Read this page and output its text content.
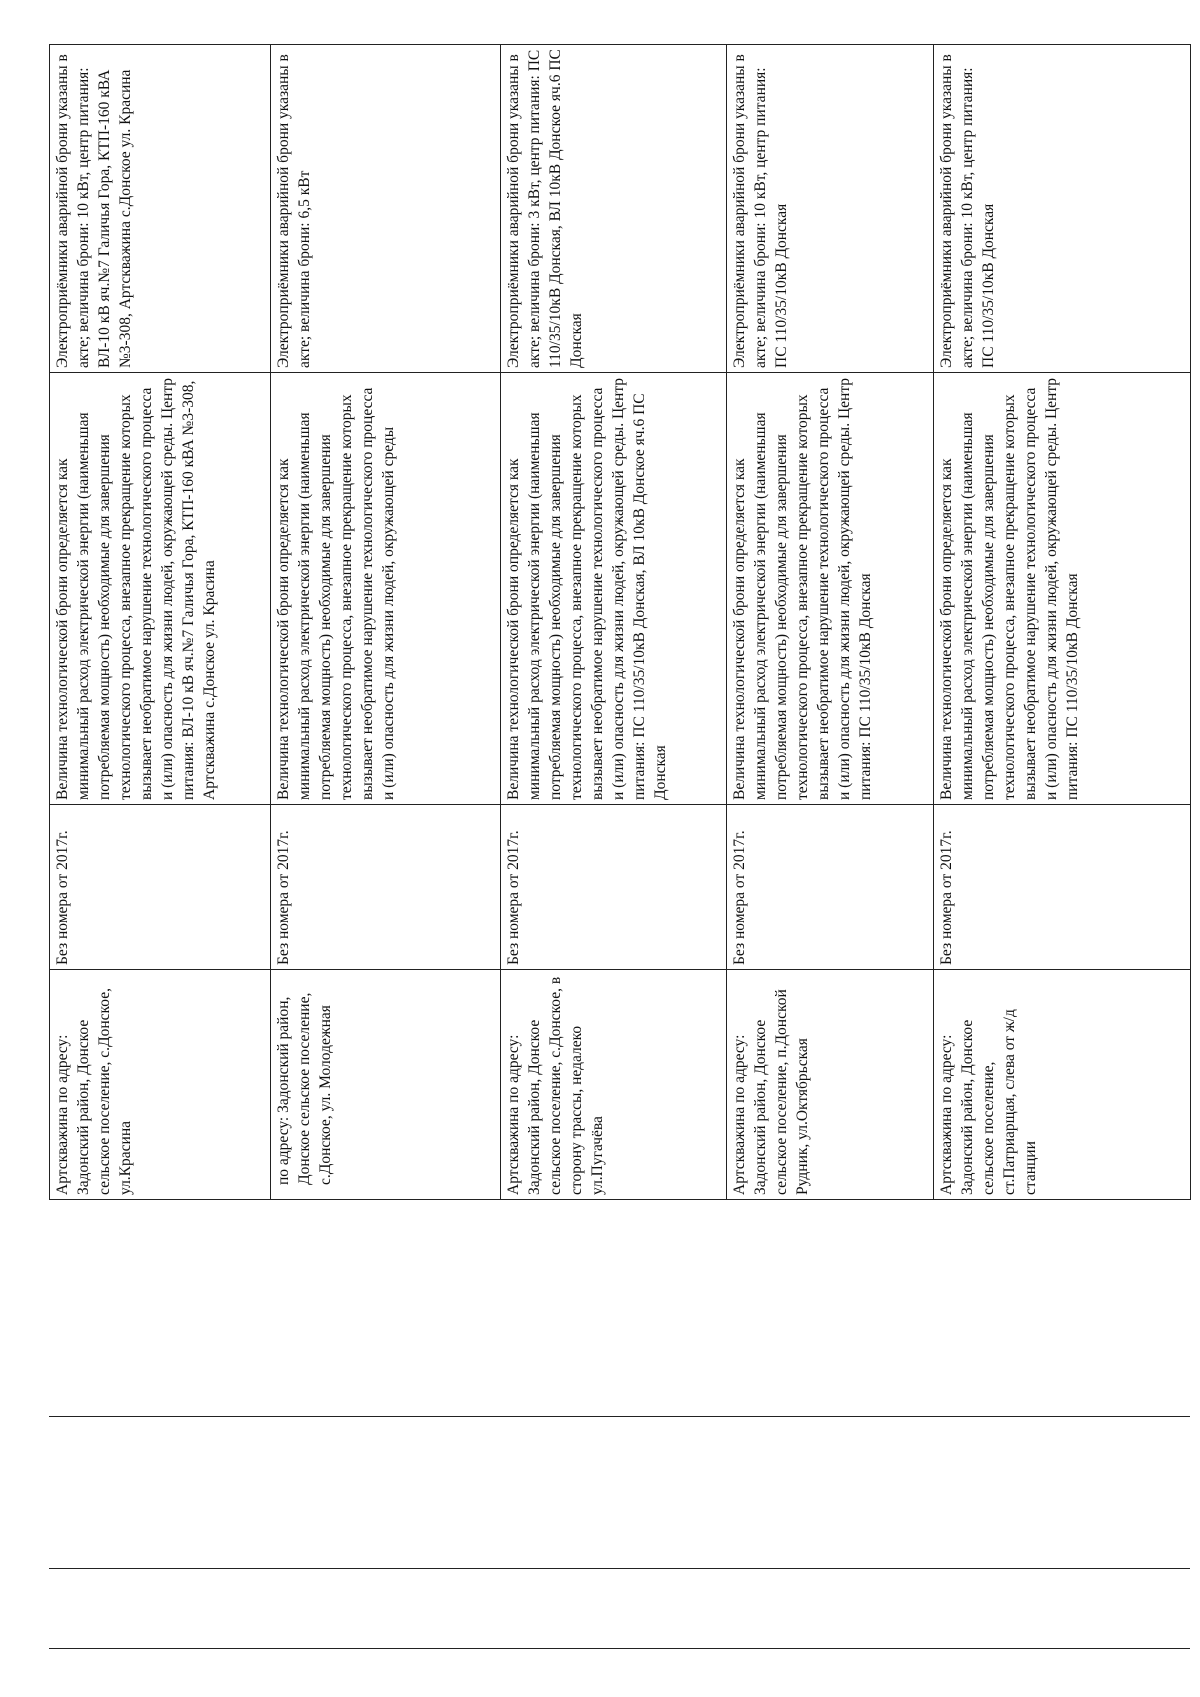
Артскважина по адресу: Задонский район, Донское сельское поселение, с.Донское, ул.Красина	Без номера от 2017г.	Величина технологической брони определяется как минимальный расход электрической энергии (наименьшая потребляемая мощность) необходимые для завершения технологического процесса, внезапное прекращение которых вызывает необратимое нарушение технологического процесса и (или) опасность для жизни людей, окружающей среды. Центр питания: ВЛ-10 кВ яч.№7 Галичья Гора, КТП-160 кВА №3-308, Артскважина с.Донское ул. Красина	Электроприёмники аварийной брони указаны в акте; величина брони: 10 кВт, центр питания: ВЛ-10 кВ яч.№7 Галичья Гора, КТП-160 кВА №3-308, Артскважина с.Донское ул. Красина
по адресу: Задонский район, Донское сельское поселение, с.Донское, ул. Молодежная	Без номера от 2017г.	Величина технологической брони определяется как минимальный расход электрической энергии (наименьшая потребляемая мощность) необходимые для завершения технологического процесса, внезапное прекращение которых вызывает необратимое нарушение технологического процесса и (или) опасность для жизни людей, окружающей среды	Электроприёмники аварийной брони указаны в акте; величина брони: 6,5 кВт
Артскважина по адресу: Задонский район, Донское сельское поселение, с.Донское, в сторону трассы, недалеко ул.Пугачёва	Без номера от 2017г.	Величина технологической брони определяется как минимальный расход электрической энергии (наименьшая потребляемая мощность) необходимые для завершения технологического процесса, внезапное прекращение которых вызывает необратимое нарушение технологического процесса и (или) опасность для жизни людей, окружающей среды. Центр питания: ПС 110/35/10кВ Донская, ВЛ 10кВ Донское яч.6 ПС Донская	Электроприёмники аварийной брони указаны в акте; величина брони: 3 кВт, центр питания: ПС 110/35/10кВ Донская, ВЛ 10кВ Донское яч.6 ПС Донская
Артскважина по адресу: Задонский район, Донское сельское поселение, п.Донской Рудник, ул.Октябрьская	Без номера от 2017г.	Величина технологической брони определяется как минимальный расход электрической энергии (наименьшая потребляемая мощность) необходимые для завершения технологического процесса, внезапное прекращение которых вызывает необратимое нарушение технологического процесса и (или) опасность для жизни людей, окружающей среды. Центр питания: ПС 110/35/10кВ Донская	Электроприёмники аварийной брони указаны в акте; величина брони: 10 кВт, центр питания: ПС 110/35/10кВ Донская
Артскважина по адресу: Задонский район, Донское сельское поселение, ст.Патриарщая, слева от ж/д станции	Без номера от 2017г.	Величина технологической брони определяется как минимальный расход электрической энергии (наименьшая потребляемая мощность) необходимые для завершения технологического процесса, внезапное прекращение которых вызывает необратимое нарушение технологического процесса и (или) опасность для жизни людей, окружающей среды. Центр питания: ПС 110/35/10кВ Донская	Электроприёмники аварийной брони указаны в акте; величина брони: 10 кВт, центр питания: ПС 110/35/10кВ Донская
